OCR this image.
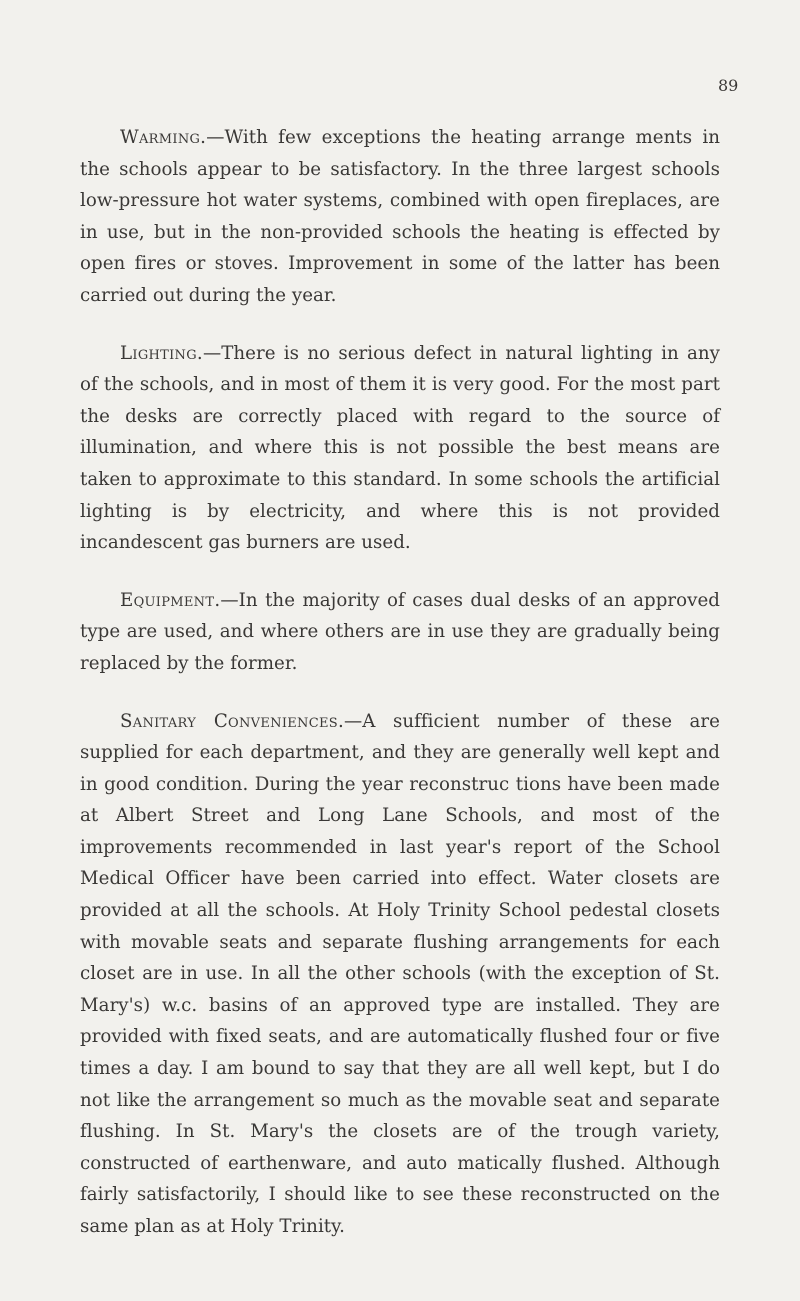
89

Warming.—With few exceptions the heating arrange ments in the schools appear to be satisfactory. In the three largest schools low-pressure hot water systems, combined with open fireplaces, are in use, but in the non-provided schools the heating is effected by open fires or stoves. Improvement in some of the latter has been carried out during the year.

Lighting.—There is no serious defect in natural lighting in any of the schools, and in most of them it is very good. For the most part the desks are correctly placed with regard to the source of illumination, and where this is not possible the best means are taken to approximate to this standard. In some schools the artificial lighting is by electricity, and where this is not provided incandescent gas burners are used.

Equipment.—In the majority of cases dual desks of an approved type are used, and where others are in use they are gradually being replaced by the former.

Sanitary Conveniences.—A sufficient number of these are supplied for each department, and they are generally well kept and in good condition. During the year reconstruc tions have been made at Albert Street and Long Lane Schools, and most of the improvements recommended in last year's report of the School Medical Officer have been carried into effect. Water closets are provided at all the schools. At Holy Trinity School pedestal closets with movable seats and separate flushing arrangements for each closet are in use. In all the other schools (with the exception of St. Mary's) w.c. basins of an approved type are installed. They are provided with fixed seats, and are automatically flushed four or five times a day. I am bound to say that they are all well kept, but I do not like the arrangement so much as the movable seat and separate flushing. In St. Mary's the closets are of the trough variety, constructed of earthenware, and auto matically flushed. Although fairly satisfactorily, I should like to see these reconstructed on the same plan as at Holy Trinity.
